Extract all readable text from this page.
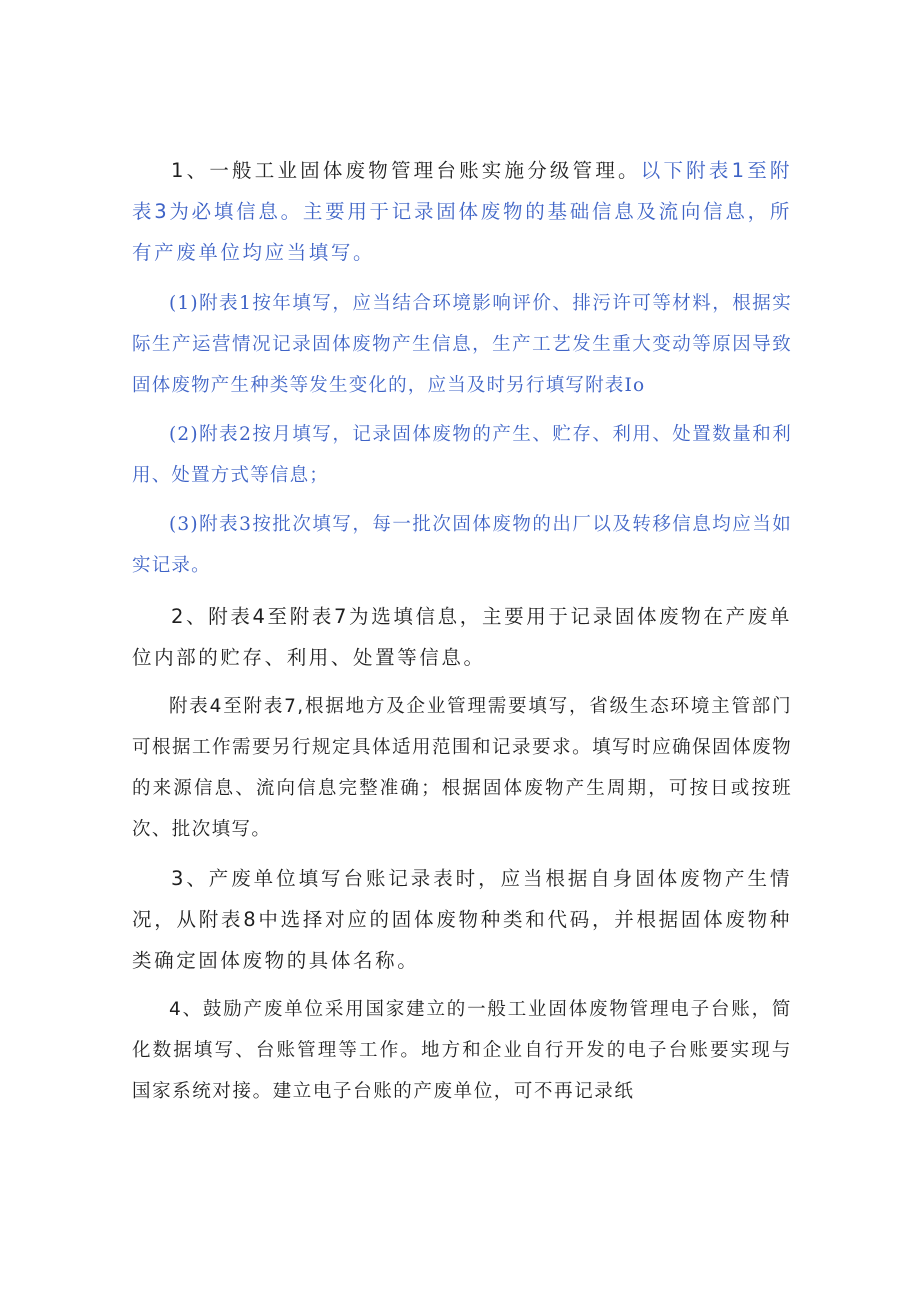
1、一般工业固体废物管理台账实施分级管理。以下附表1至附表3为必填信息。主要用于记录固体废物的基础信息及流向信息，所有产废单位均应当填写。

(1)附表1按年填写，应当结合环境影响评价、排污许可等材料，根据实际生产运营情况记录固体废物产生信息，生产工艺发生重大变动等原因导致固体废物产生种类等发生变化的，应当及时另行填写附表Io

(2)附表2按月填写，记录固体废物的产生、贮存、利用、处置数量和利用、处置方式等信息；

(3)附表3按批次填写，每一批次固体废物的出厂以及转移信息均应当如实记录。

2、附表4至附表7为选填信息，主要用于记录固体废物在产废单位内部的贮存、利用、处置等信息。

附表4至附表7,根据地方及企业管理需要填写，省级生态环境主管部门可根据工作需要另行规定具体适用范围和记录要求。填写时应确保固体废物的来源信息、流向信息完整准确；根据固体废物产生周期，可按日或按班次、批次填写。

3、产废单位填写台账记录表时，应当根据自身固体废物产生情况，从附表8中选择对应的固体废物种类和代码，并根据固体废物种类确定固体废物的具体名称。

4、鼓励产废单位采用国家建立的一般工业固体废物管理电子台账，简化数据填写、台账管理等工作。地方和企业自行开发的电子台账要实现与国家系统对接。建立电子台账的产废单位，可不再记录纸
